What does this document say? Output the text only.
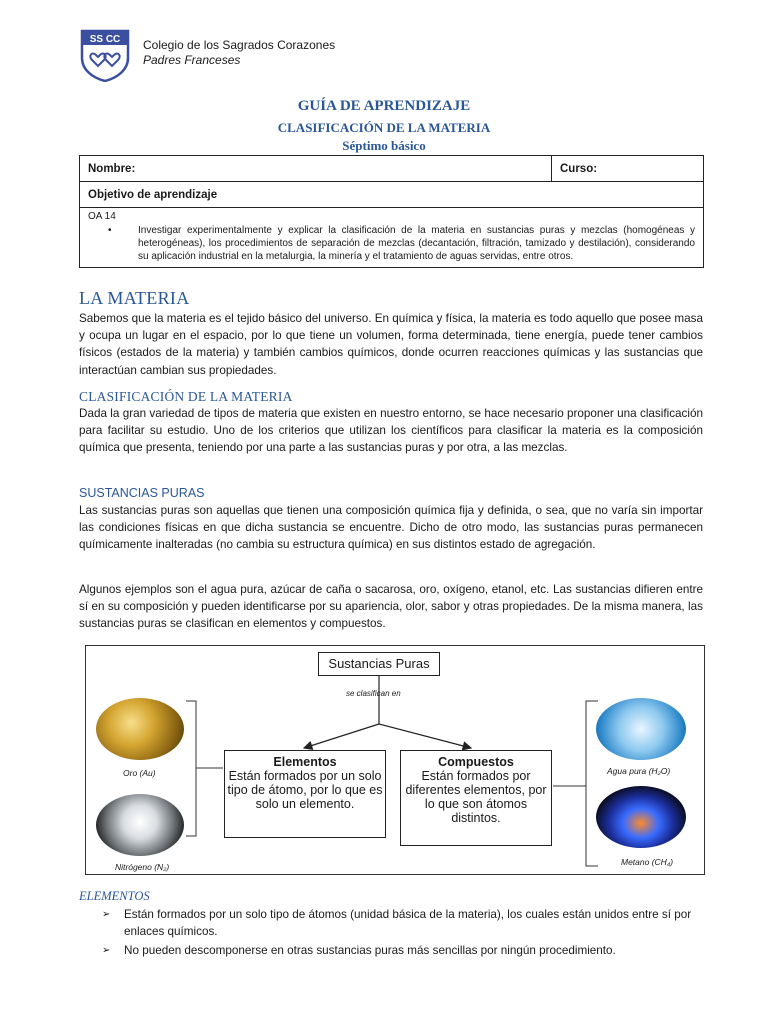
SS CC Colegio de los Sagrados Corazones
Padres Franceses
GUÍA DE APRENDIZAJE
CLASIFICACIÓN DE LA MATERIA
Séptimo básico
Nombre:	Curso:
Objetivo de aprendizaje

OA 14
•	Investigar experimentalmente y explicar la clasificación de la materia en sustancias puras y mezclas (homogéneas y heterogéneas), los procedimientos de separación de mezclas (decantación, filtración, tamizado y destilación), considerando su aplicación industrial en la metalurgia, la minería y el tratamiento de aguas servidas, entre otros.
LA MATERIA

Sabemos que la materia es el tejido básico del universo. En química y física, la materia es todo aquello que posee masa y ocupa un lugar en el espacio, por lo que tiene un volumen, forma determinada, tiene energía, puede tener cambios físicos (estados de la materia) y también cambios químicos, donde ocurren reacciones químicas y las sustancias que interactúan cambian sus propiedades.

CLASIFICACIÓN DE LA MATERIA

Dada la gran variedad de tipos de materia que existen en nuestro entorno, se hace necesario proponer una clasificación para facilitar su estudio. Uno de los criterios que utilizan los científicos para clasificar la materia es la composición química que presenta, teniendo por una parte a las sustancias puras y por otra, a las mezclas.

SUSTANCIAS PURAS

Las sustancias puras son aquellas que tienen una composición química fija y definida, o sea, que no varía sin importar las condiciones físicas en que dicha sustancia se encuentre. Dicho de otro modo, las sustancias puras permanecen químicamente inalteradas (no cambia su estructura química) en sus distintos estado de agregación.

Algunos ejemplos son el agua pura, azúcar de caña o sacarosa, oro, oxígeno, etanol, etc. Las sustancias difieren entre sí en su composición y pueden identificarse por su apariencia, olor, sabor y otras propiedades. De la misma manera, las sustancias puras se clasifican en elementos y compuestos.

Sustancias Puras
se clasifican en
Elementos
Están formados por un solo tipo de átomo, por lo que es solo un elemento.
Compuestos
Están formados por diferentes elementos, por lo que son átomos distintos.
Oro (Au)
Nitrógeno (N₂)
Agua pura (H₂O)
Metano (CH₄)
ELEMENTOS
➢ Están formados por un solo tipo de átomos (unidad básica de la materia), los cuales están unidos entre sí por enlaces químicos.
➢ No pueden descomponerse en otras sustancias puras más sencillas por ningún procedimiento.
